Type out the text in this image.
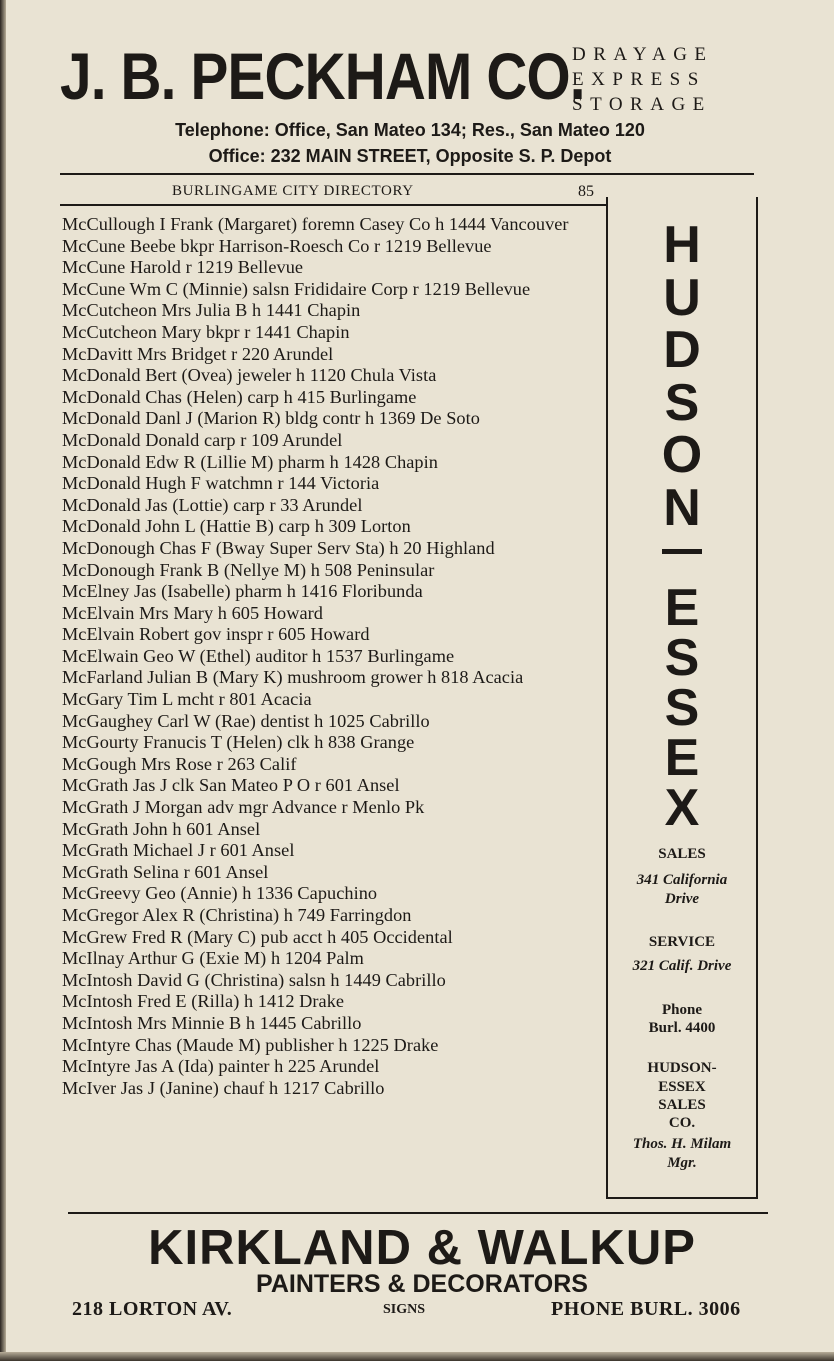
J. B. PECKHAM CO.
DRAYAGE
EXPRESS
STORAGE
Telephone: Office, San Mateo 134; Res., San Mateo 120
Office: 232 MAIN STREET, Opposite S. P. Depot
BURLINGAME CITY DIRECTORY	85
McCullough I Frank (Margaret) foremn Casey Co h 1444 Vancouver
McCune Beebe bkpr Harrison-Roesch Co r 1219 Bellevue
McCune Harold r 1219 Bellevue
McCune Wm C (Minnie) salsn Frididaire Corp r 1219 Bellevue
McCutcheon Mrs Julia B h 1441 Chapin
McCutcheon Mary bkpr r 1441 Chapin
McDavitt Mrs Bridget r 220 Arundel
McDonald Bert (Ovea) jeweler h 1120 Chula Vista
McDonald Chas (Helen) carp h 415 Burlingame
McDonald Danl J (Marion R) bldg contr h 1369 De Soto
McDonald Donald carp r 109 Arundel
McDonald Edw R (Lillie M) pharm h 1428 Chapin
McDonald Hugh F watchmn r 144 Victoria
McDonald Jas (Lottie) carp r 33 Arundel
McDonald John L (Hattie B) carp h 309 Lorton
McDonough Chas F (Bway Super Serv Sta) h 20 Highland
McDonough Frank B (Nellye M) h 508 Peninsular
McElney Jas (Isabelle) pharm h 1416 Floribunda
McElvain Mrs Mary h 605 Howard
McElvain Robert gov inspr r 605 Howard
McElwain Geo W (Ethel) auditor h 1537 Burlingame
McFarland Julian B (Mary K) mushroom grower h 818 Acacia
McGary Tim L mcht r 801 Acacia
McGaughey Carl W (Rae) dentist h 1025 Cabrillo
McGourty Franucis T (Helen) clk h 838 Grange
McGough Mrs Rose r 263 Calif
McGrath Jas J clk San Mateo P O r 601 Ansel
McGrath J Morgan adv mgr Advance r Menlo Pk
McGrath John h 601 Ansel
McGrath Michael J r 601 Ansel
McGrath Selina r 601 Ansel
McGreevy Geo (Annie) h 1336 Capuchino
McGregor Alex R (Christina) h 749 Farringdon
McGrew Fred R (Mary C) pub acct h 405 Occidental
McIlnay Arthur G (Exie M) h 1204 Palm
McIntosh David G (Christina) salsn h 1449 Cabrillo
McIntosh Fred E (Rilla) h 1412 Drake
McIntosh Mrs Minnie B h 1445 Cabrillo
McIntyre Chas (Maude M) publisher h 1225 Drake
McIntyre Jas A (Ida) painter h 225 Arundel
McIver Jas J (Janine) chauf h 1217 Cabrillo
H
U
D
S
O
N
E
S
S
E
X
SALES
341 California
Drive
SERVICE
321 Calif. Drive
Phone
Burl. 4400
HUDSON-
ESSEX
SALES
CO.
Thos. H. Milam
Mgr.
KIRKLAND & WALKUP
PAINTERS & DECORATORS
218 LORTON AV.	SIGNS	PHONE BURL. 3006
